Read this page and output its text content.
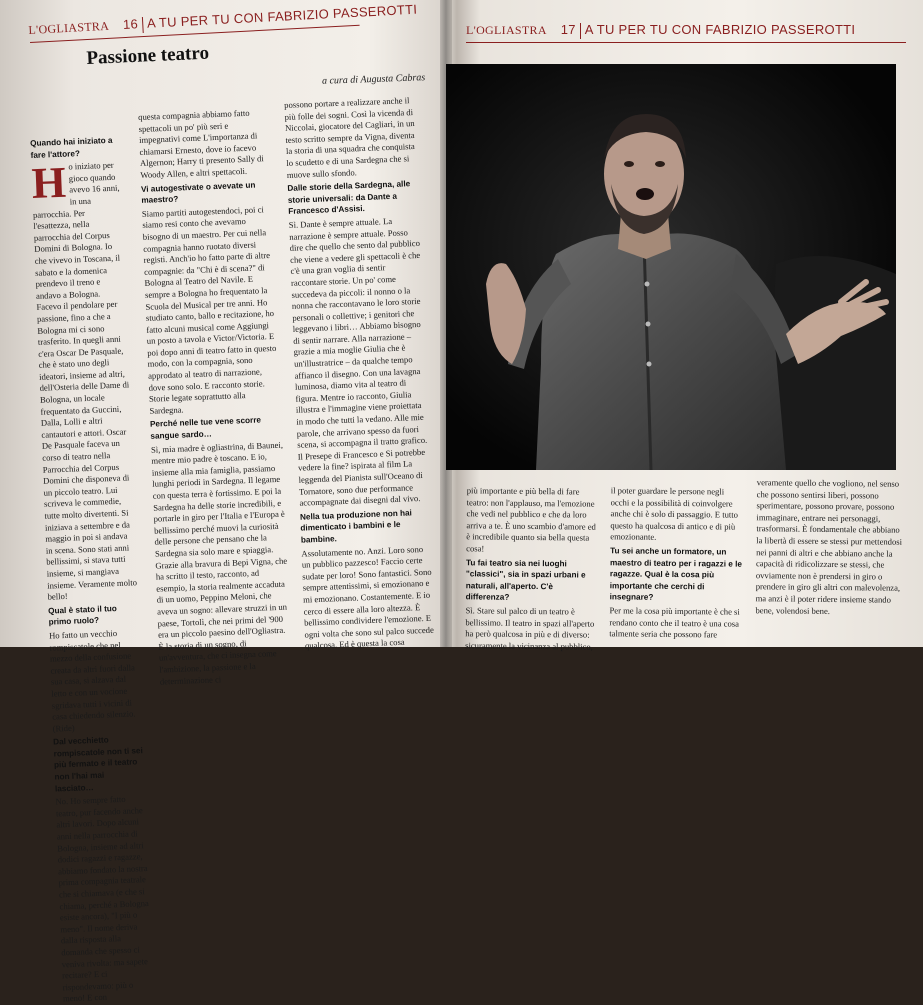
L'OGLIASTRA 16 A TU PER TU CON FABRIZIO PASSEROTTI
Passione teatro
a cura di Augusta Cabras

Quando hai iniziato a fare l'attore?

Ho iniziato per gioco quando avevo 16 anni, in una parrocchia. Per l'esattezza, nella parrocchia del Corpus Domini di Bologna. Io che vivevo in Toscana, il sabato e la domenica prendevo il treno e andavo a Bologna. Facevo il pendolare per passione, fino a che a Bologna mi ci sono trasferito. In quegli anni c'era Oscar De Pasquale, che è stato uno degli ideatori, insieme ad altri, dell'Osteria delle Dame di Bologna, un locale frequentato da Guccini, Dalla, Lolli e altri cantautori e attori. Oscar De Pasquale faceva un corso di teatro nella Parrocchia del Corpus Domini che disponeva di un piccolo teatro. Lui scriveva le commedie, tutte molto divertenti. Si iniziava a settembre e da maggio in poi si andava in scena. Sono stati anni bellissimi, si stava tutti insieme, si mangiava insieme. Veramente molto bello!

Qual è stato il tuo primo ruolo?

Ho fatto un vecchio rompiscatole che nel mezzo della confusione creata da altri fuori dalla sua casa, si alzava dal letto e con un vocione sgridava tutti i vicini di casa chiedendo silenzio. (Ride)

Dal vecchietto rompiscatole non ti sei più fermato e il teatro non l'hai mai lasciato…

No. Ho sempre fatto teatro, pur facendo anche altri lavori. Dopo alcuni anni nella parrocchia di Bologna, insieme ad altri dodici ragazzi e ragazze, abbiamo fondato la nostra prima compagnia teatrale che si chiamava (e che si chiama, perché a Bologna esiste ancora), "I più o meno". Il nome deriva dalla risposta alla domanda che spesso ci veniva rivolta: ma sapete recitare? E ci rispondevamo: più o meno! E con

questa compagnia abbiamo fatto spettacoli un po' più seri e impegnativi come L'importanza di chiamarsi Ernesto, dove io facevo Algernon; Harry ti presento Sally di Woody Allen, e altri spettacoli.

Vi autogestivate o avevate un maestro?

Siamo partiti autogestendoci, poi ci siamo resi conto che avevamo bisogno di un maestro. Per cui nella compagnia hanno ruotato diversi registi. Anch'io ho fatto parte di altre compagnie: da "Chi è di scena?" di Bologna al Teatro del Navile. E sempre a Bologna ho frequentato la Scuola del Musical per tre anni. Ho studiato canto, ballo e recitazione, ho fatto alcuni musical come Aggiungi un posto a tavola e Victor/Victoria. E poi dopo anni di teatro fatto in questo modo, con la compagnia, sono approdato al teatro di narrazione, dove sono solo. E racconto storie. Storie legate soprattutto alla Sardegna.

Perché nelle tue vene scorre sangue sardo…

Sì, mia madre è ogliastrina, di Baunei, mentre mio padre è toscano. E io, insieme alla mia famiglia, passiamo lunghi periodi in Sardegna. Il legame con questa terra è fortissimo. E poi la Sardegna ha delle storie incredibili, e portarle in giro per l'Italia e l'Europa è bellissimo perché muovi la curiosità delle persone che pensano che la Sardegna sia solo mare e spiaggia. Grazie alla bravura di Bepi Vigna, che ha scritto il testo, racconto, ad esempio, la storia realmente accaduta di un uomo, Peppino Meloni, che aveva un sogno: allevare struzzi in un paese, Tortolì, che nei primi del '900 era un piccolo paesino dell'Ogliastra. È la storia di un sogno, di un'avventura, che ci insegna come l'ambizione, la passione e la determinazione ci

possono portare a realizzare anche il più folle dei sogni. Così la vicenda di Niccolai, giocatore del Cagliari, in un testo scritto sempre da Vigna, diventa la storia di una squadra che conquista lo scudetto e di una Sardegna che si muove sullo sfondo.

Dalle storie della Sardegna, alle storie universali: da Dante a Francesco d'Assisi.

Sì. Dante è sempre attuale. La narrazione è sempre attuale. Posso dire che quello che sento dal pubblico che viene a vedere gli spettacoli è che c'è una gran voglia di sentir raccontare storie. Un po' come succedeva da piccoli: il nonno o la nonna che raccontavano le loro storie personali o collettive; i genitori che leggevano i libri… Abbiamo bisogno di sentir narrare. Alla narrazione – grazie a mia moglie Giulia che è un'illustratrice – da qualche tempo affianco il disegno. Con una lavagna luminosa, diamo vita al teatro di figura. Mentre io racconto, Giulia illustra e l'immagine viene proiettata in modo che tutti la vedano. Alle mie parole, che arrivano spesso da fuori scena, si accompagna il tratto grafico. Il Presepe di Francesco e Si potrebbe vedere la fine? ispirata al film La leggenda del Pianista sull'Oceano di Tornatore, sono due performance accompagnate dai disegni dal vivo.

Nella tua produzione non hai dimenticato i bambini e le bambine.

Assolutamente no. Anzi. Loro sono un pubblico pazzesco! Faccio certe sudate per loro! Sono fantastici. Sono sempre attentissimi, si emozionano e mi emozionano. Costantemente. E io cerco di essere alla loro altezza. È bellissimo condividere l'emozione. E ogni volta che sono sul palco succede qualcosa. Ed è questa la cosa

L'OGLIASTRA 17 A TU PER TU CON FABRIZIO PASSEROTTI

più importante e più bella di fare teatro: non l'applauso, ma l'emozione che vedi nel pubblico e che da loro arriva a te. È uno scambio d'amore ed è incredibile quanto sia bella questa cosa!

Tu fai teatro sia nei luoghi "classici", sia in spazi urbani e naturali, all'aperto. C'è differenza?

Sì. Stare sul palco di un teatro è bellissimo. Il teatro in spazi all'aperto ha però qualcosa in più e di diverso: sicuramente la vicinanza al pubblico,

il poter guardare le persone negli occhi e la possibilità di coinvolgere anche chi è solo di passaggio. E tutto questo ha qualcosa di antico e di più emozionante.

Tu sei anche un formatore, un maestro di teatro per i ragazzi e le ragazze. Qual è la cosa più importante che cerchi di insegnare?

Per me la cosa più importante è che si rendano conto che il teatro è una cosa talmente seria che possono fare

veramente quello che vogliono, nel senso che possono sentirsi liberi, possono sperimentare, possono provare, possono immaginare, entrare nei personaggi, trasformarsi. È fondamentale che abbiano la libertà di essere se stessi pur mettendosi nei panni di altri e che abbiano anche la capacità di ridicolizzare se stessi, che ovviamente non è prendersi in giro o prendere in giro gli altri con malevolenza, ma anzi è il poter ridere insieme stando bene, volendosi bene.
